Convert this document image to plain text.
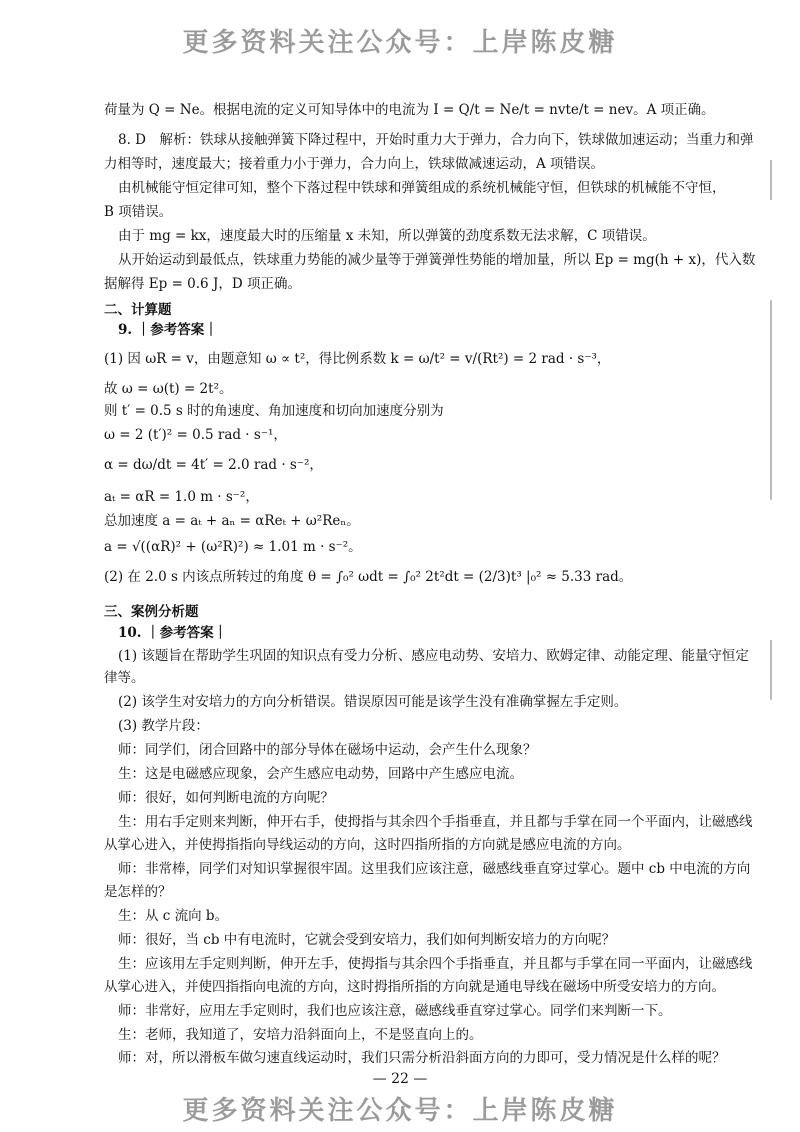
更多资料关注公众号：上岸陈皮糖
荷量为 Q = Ne。根据电流的定义可知导体中的电流为 I = Q/t = Ne/t = nvte/t = nev。A 项正确。
8. D　解析：铁球从接触弹簧下降过程中，开始时重力大于弹力，合力向下，铁球做加速运动；当重力和弹
力相等时，速度最大；接着重力小于弹力，合力向上，铁球做减速运动，A 项错误。
由机械能守恒定律可知，整个下落过程中铁球和弹簧组成的系统机械能守恒，但铁球的机械能不守恒，
B 项错误。
由于 mg = kx，速度最大时的压缩量 x 未知，所以弹簧的劲度系数无法求解，C 项错误。
从开始运动到最低点，铁球重力势能的减少量等于弹簧弹性势能的增加量，所以 Ep = mg(h + x)，代入数
据解得 Ep = 0.6 J，D 项正确。
二、计算题
9. ｜参考答案｜
(1) 因 ωR = v，由题意知 ω ∝ t²，得比例系数 k = ω/t² = v/(Rt²) = 2 rad · s⁻³，
故 ω = ω(t) = 2t²。
则 t′ = 0.5 s 时的角速度、角加速度和切向加速度分别为
ω = 2 (t′)² = 0.5 rad · s⁻¹，
α = dω/dt = 4t′ = 2.0 rad · s⁻²，
aₜ = αR = 1.0 m · s⁻²，
总加速度 a = aₜ + aₙ = αReₜ + ω²Reₙ。
a = √((αR)² + (ω²R)²) ≈ 1.01 m · s⁻²。
(2) 在 2.0 s 内该点所转过的角度 θ = ∫₀² ωdt = ∫₀² 2t²dt = (2/3)t³ |₀² ≈ 5.33 rad。
三、案例分析题
10. ｜参考答案｜
(1) 该题旨在帮助学生巩固的知识点有受力分析、感应电动势、安培力、欧姆定律、动能定理、能量守恒定
律等。
(2) 该学生对安培力的方向分析错误。错误原因可能是该学生没有准确掌握左手定则。
(3) 教学片段：
师：同学们，闭合回路中的部分导体在磁场中运动，会产生什么现象？
生：这是电磁感应现象，会产生感应电动势，回路中产生感应电流。
师：很好，如何判断电流的方向呢？
生：用右手定则来判断，伸开右手，使拇指与其余四个手指垂直，并且都与手掌在同一个平面内，让磁感线
从掌心进入，并使拇指指向导线运动的方向，这时四指所指的方向就是感应电流的方向。
师：非常棒，同学们对知识掌握很牢固。这里我们应该注意，磁感线垂直穿过掌心。题中 cb 中电流的方向
是怎样的？
生：从 c 流向 b。
师：很好，当 cb 中有电流时，它就会受到安培力，我们如何判断安培力的方向呢？
生：应该用左手定则判断，伸开左手，使拇指与其余四个手指垂直，并且都与手掌在同一平面内，让磁感线
从掌心进入，并使四指指向电流的方向，这时拇指所指的方向就是通电导线在磁场中所受安培力的方向。
师：非常好，应用左手定则时，我们也应该注意，磁感线垂直穿过掌心。同学们来判断一下。
生：老师，我知道了，安培力沿斜面向上，不是竖直向上的。
师：对，所以滑板车做匀速直线运动时，我们只需分析沿斜面方向的力即可，受力情况是什么样的呢？
— 22 —
更多资料关注公众号：上岸陈皮糖
